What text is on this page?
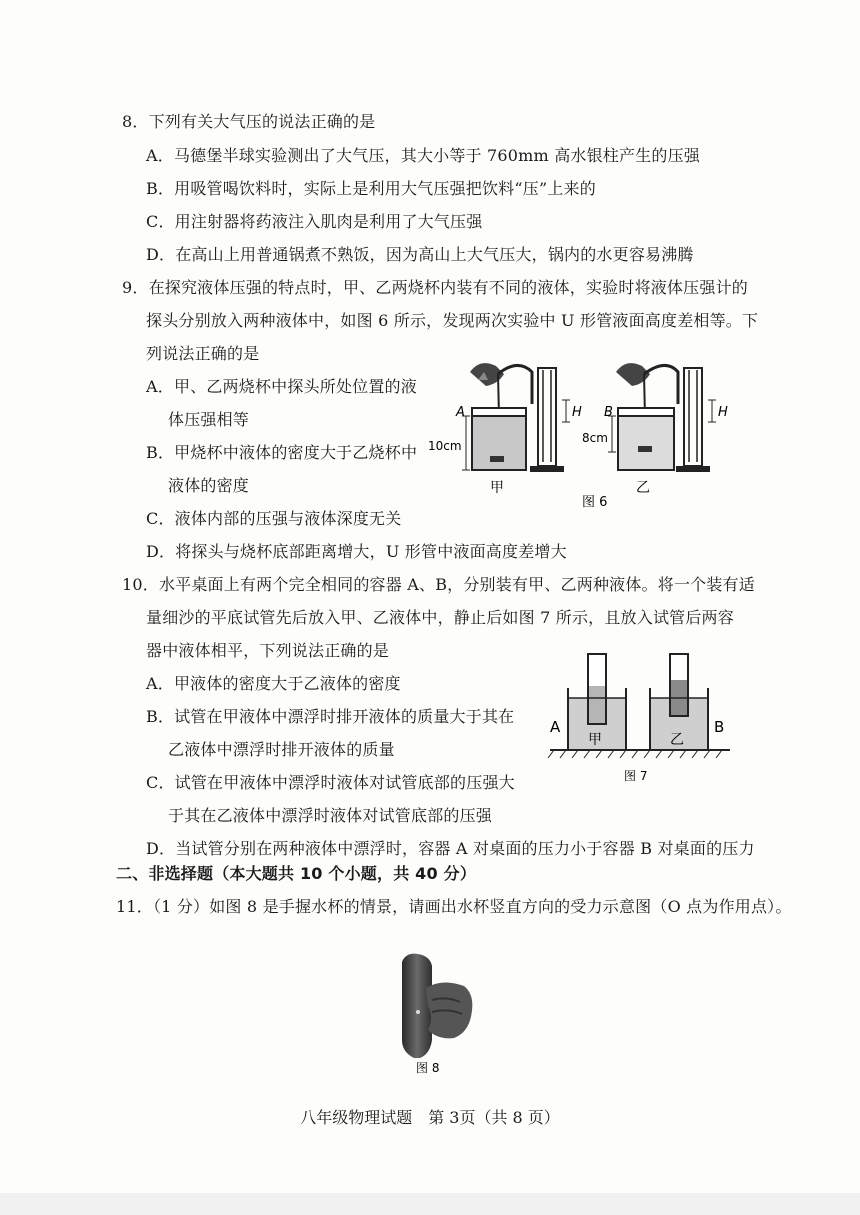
8．下列有关大气压的说法正确的是
A．马德堡半球实验测出了大气压，其大小等于 760mm 高水银柱产生的压强
B．用吸管喝饮料时，实际上是利用大气压强把饮料“压”上来的
C．用注射器将药液注入肌肉是利用了大气压强
D．在高山上用普通锅煮不熟饭，因为高山上大气压大，锅内的水更容易沸腾
9．在探究液体压强的特点时，甲、乙两烧杯内装有不同的液体，实验时将液体压强计的
探头分别放入两种液体中，如图 6 所示，发现两次实验中 U 形管液面高度差相等。下
列说法正确的是
A．甲、乙两烧杯中探头所处位置的液
体压强相等
B．甲烧杯中液体的密度大于乙烧杯中
液体的密度
C．液体内部的压强与液体深度无关
D．将探头与烧杯底部距离增大，U 形管中液面高度差增大
A	H
10cm
甲
B	H
8cm
乙
图 6
10．水平桌面上有两个完全相同的容器 A、B，分别装有甲、乙两种液体。将一个装有适
量细沙的平底试管先后放入甲、乙液体中，静止后如图 7 所示，且放入试管后两容
器中液体相平，下列说法正确的是
A．甲液体的密度大于乙液体的密度
B．试管在甲液体中漂浮时排开液体的质量大于其在
乙液体中漂浮时排开液体的质量
C．试管在甲液体中漂浮时液体对试管底部的压强大
于其在乙液体中漂浮时液体对试管底部的压强
D．当试管分别在两种液体中漂浮时，容器 A 对桌面的压力小于容器 B 对桌面的压力
甲	乙
A	B
图 7
二、非选择题（本大题共 10 个小题，共 40 分）
11．（1 分）如图 8 是手握水杯的情景，请画出水杯竖直方向的受力示意图（O 点为作用点）。
图 8
八年级物理试题　第 3页（共 8 页）
